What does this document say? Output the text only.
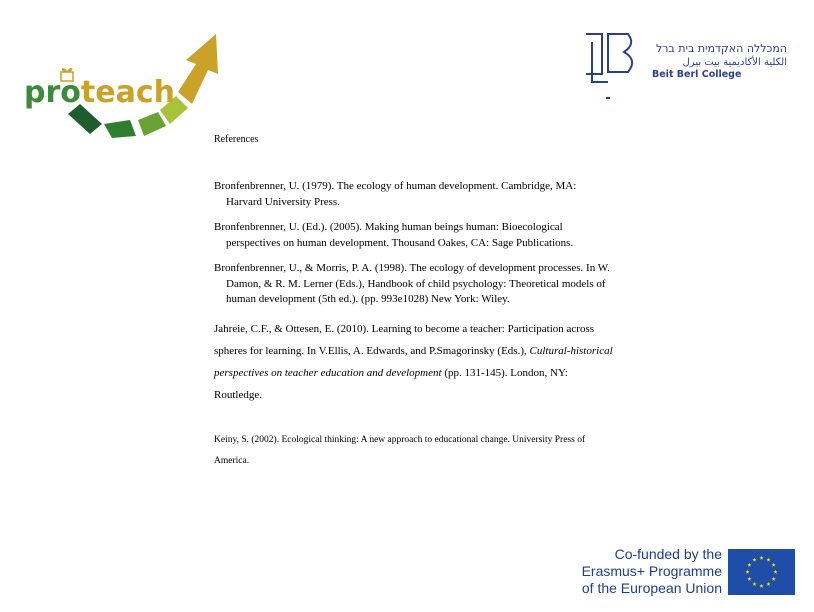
proteach
המכללה האקדמית בית ברל
الكلية الأكاديمية بيت بيرل
Beit Berl College

References

Bronfenbrenner, U. (1979). The ecology of human development. Cambridge, MA: Harvard University Press.

Bronfenbrenner, U. (Ed.). (2005). Making human beings human: Bioecological perspectives on human development. Thousand Oakes, CA: Sage Publications.

Bronfenbrenner, U., & Morris, P. A. (1998). The ecology of development processes. In W. Damon, & R. M. Lerner (Eds.), Handbook of child psychology: Theoretical models of human development (5th ed.). (pp. 993e1028) New York: Wiley.

Jahreie, C.F., & Ottesen, E. (2010). Learning to become a teacher: Participation across spheres for learning. In V.Ellis, A. Edwards, and P.Smagorinsky (Eds.), Cultural-historical perspectives on teacher education and development (pp. 131-145). London, NY: Routledge.

Keiny, S. (2002). Ecological thinking: A new approach to educational change. University Press of America.

Co-funded by the
Erasmus+ Programme
of the European Union
